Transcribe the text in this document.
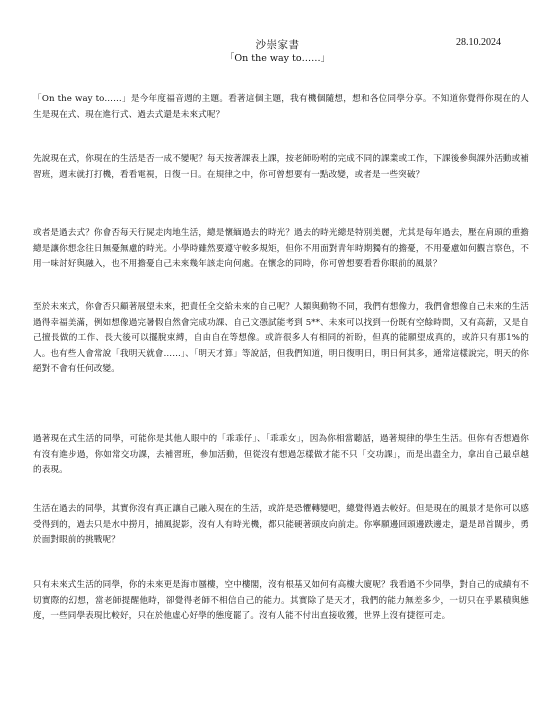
沙崇家書	28.10.2024
「On the way to……」

「On the way to……」是今年度福音週的主題。看著這個主題，我有機個隨想，想和各位同學分享。不知道你覺得你現在的人生是現在式、現在進行式、過去式還是未來式呢？

先說現在式，你現在的生活是否一成不變呢？每天按著課表上課，按老師吩咐的完成不同的課業或工作，下課後參與課外活動或補習班，週末就打打機，看看電視，日復一日。在規律之中，你可曾想要有一點改變，或者是一些突破？

或者是過去式？你會否每天行屍走肉地生活，總是懷緬過去的時光？過去的時光總是特別美麗，尤其是每年過去，壓在肩頭的重擔總是讓你想念往日無憂無慮的時光。小學時雖然要遵守較多規矩，但你不用面對青年時期獨有的擔憂，不用憂慮如何觀言察色，不用一味討好與融入，也不用擔憂自己未來幾年該走向何處。在懷念的同時，你可曾想要看看你眼前的風景？

至於未來式，你會否只顧著展望未來，把責任全交給未來的自己呢？人類與動物不同，我們有想像力，我們會想像自己未來的生活過得幸福美滿，例如想像過完暑假自然會完成功課、自己文憑試能考到 5**、未來可以找到一份既有空餘時間，又有高薪，又是自己擅長做的工作、長大後可以擺脫束縛，自由自在等想像。或許很多人有相同的祈盼，但真的能願望成真的，或許只有那1%的人。也有些人會常說「我明天就會……」、「明天才算」等說話，但我們知道，明日復明日，明日何其多，通常這樣說完，明天的你絕對不會有任何改變。

過著現在式生活的同學，可能你是其他人眼中的「乖乖仔」、「乖乖女」，因為你相當聽話，過著規律的學生生活。但你有否想過你有沒有進步過，你如常交功課，去補習班，參加活動，但從沒有想過怎樣做才能不只「交功課」，而是出盡全力，拿出自己最卓越的表現。

生活在過去的同學，其實你沒有真正讓自己融入現在的生活，或許是恐懼轉變吧，總覺得過去較好。但是現在的風景才是你可以感受得到的，過去只是水中撈月，捕風捉影，沒有人有時光機，都只能硬著頭皮向前走。你寧願邊回頭邊跌邊走，還是昂首闊步，勇於面對眼前的挑戰呢？

只有未來式生活的同學，你的未來更是海市蜃樓，空中樓閣，沒有根基又如何有高樓大廈呢？我看過不少同學，對自己的成績有不切實際的幻想，當老師提醒他時，卻覺得老師不相信自己的能力。其實除了是天才，我們的能力無差多少，一切只在乎累積與態度，一些同學表現比較好，只在於他虛心好學的態度罷了。沒有人能不付出直接收獲，世界上沒有捷徑可走。
